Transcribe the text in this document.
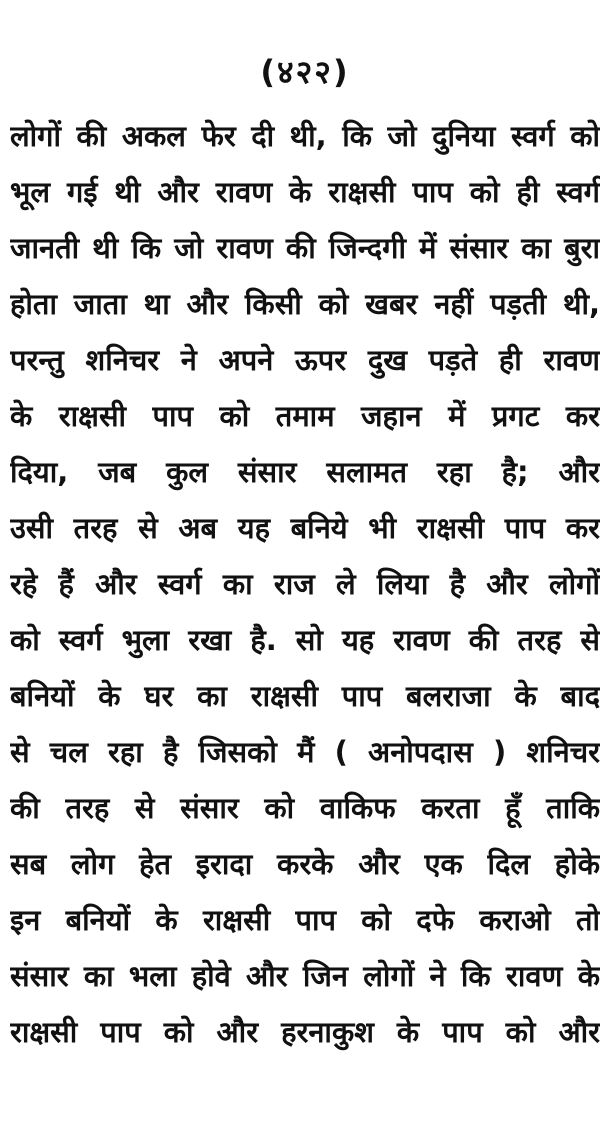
(४२२)
लोगों की अकल फेर दी थी, कि जो दुनिया स्वर्ग को
भूल गई थी और रावण के राक्षसी पाप को ही स्वर्ग
जानती थी कि जो रावण की जिन्दगी में संसार का बुरा
होता जाता था और किसी को खबर नहीं पड़ती थी,
परन्तु शनिचर ने अपने ऊपर दुख पड़ते ही रावण
के राक्षसी पाप को तमाम जहान में प्रगट कर
दिया, जब कुल संसार सलामत रहा है; और
उसी तरह से अब यह बनिये भी राक्षसी पाप कर
रहे हैं और स्वर्ग का राज ले लिया है और लोगों
को स्वर्ग भुला रखा है. सो यह रावण की तरह से
बनियों के घर का राक्षसी पाप बलराजा के बाद
से चल रहा है जिसको मैं ( अनोपदास ) शनिचर
की तरह से संसार को वाकिफ करता हूँ ताकि
सब लोग हेत इरादा करके और एक दिल होके
इन बनियों के राक्षसी पाप को दफे कराओ तो
संसार का भला होवे और जिन लोगों ने कि रावण के
राक्षसी पाप को और हरनाकुश के पाप को और
